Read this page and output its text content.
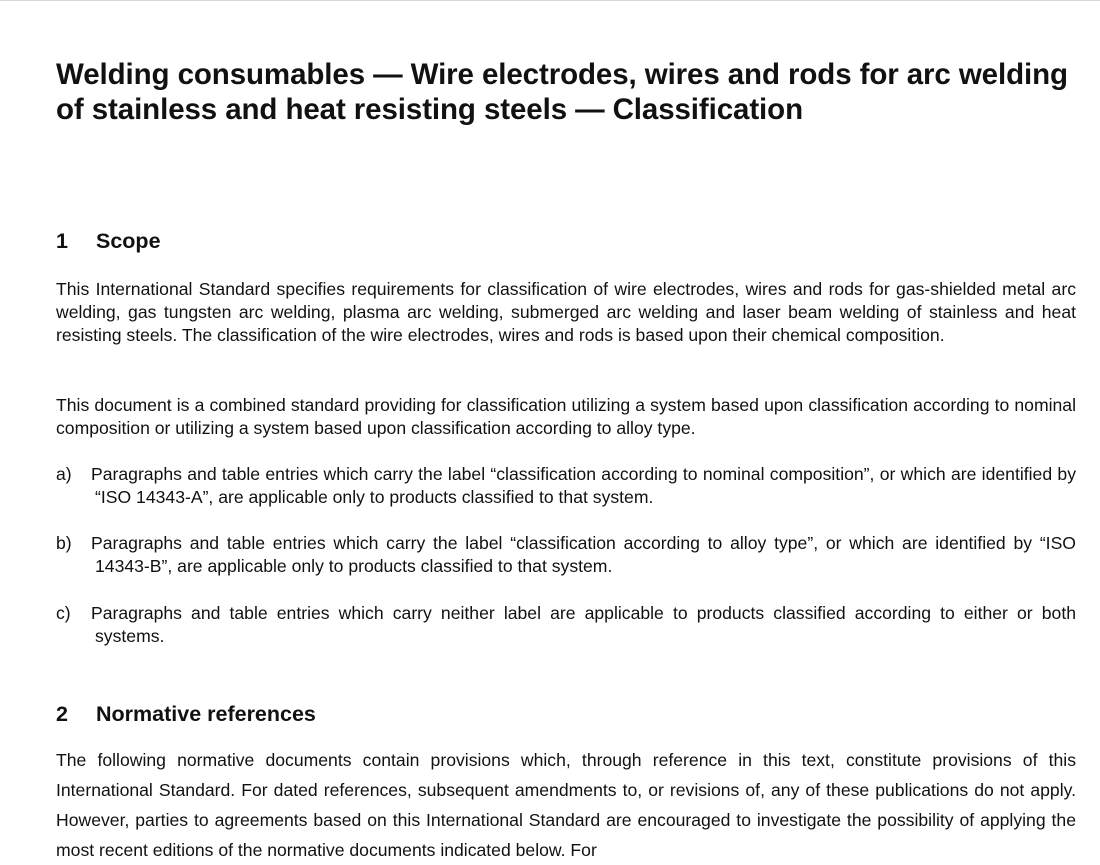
Welding consumables — Wire electrodes, wires and rods for arc welding of stainless and heat resisting steels — Classification
1 Scope

This International Standard specifies requirements for classification of wire electrodes, wires and rods for gas-shielded metal arc welding, gas tungsten arc welding, plasma arc welding, submerged arc welding and laser beam welding of stainless and heat resisting steels. The classification of the wire electrodes, wires and rods is based upon their chemical composition.

This document is a combined standard providing for classification utilizing a system based upon classification according to nominal composition or utilizing a system based upon classification according to alloy type.

a)	Paragraphs and table entries which carry the label “classification according to nominal composition”, or which are identified by “ISO 14343-A”, are applicable only to products classified to that system.
b)	Paragraphs and table entries which carry the label “classification according to alloy type”, or which are identified by “ISO 14343-B”, are applicable only to products classified to that system.
c)	Paragraphs and table entries which carry neither label are applicable to products classified according to either or both systems.
2 Normative references

The following normative documents contain provisions which, through reference in this text, constitute provisions of this International Standard. For dated references, subsequent amendments to, or revisions of, any of these publications do not apply. However, parties to agreements based on this International Standard are encouraged to investigate the possibility of applying the most recent editions of the normative documents indicated below. For
